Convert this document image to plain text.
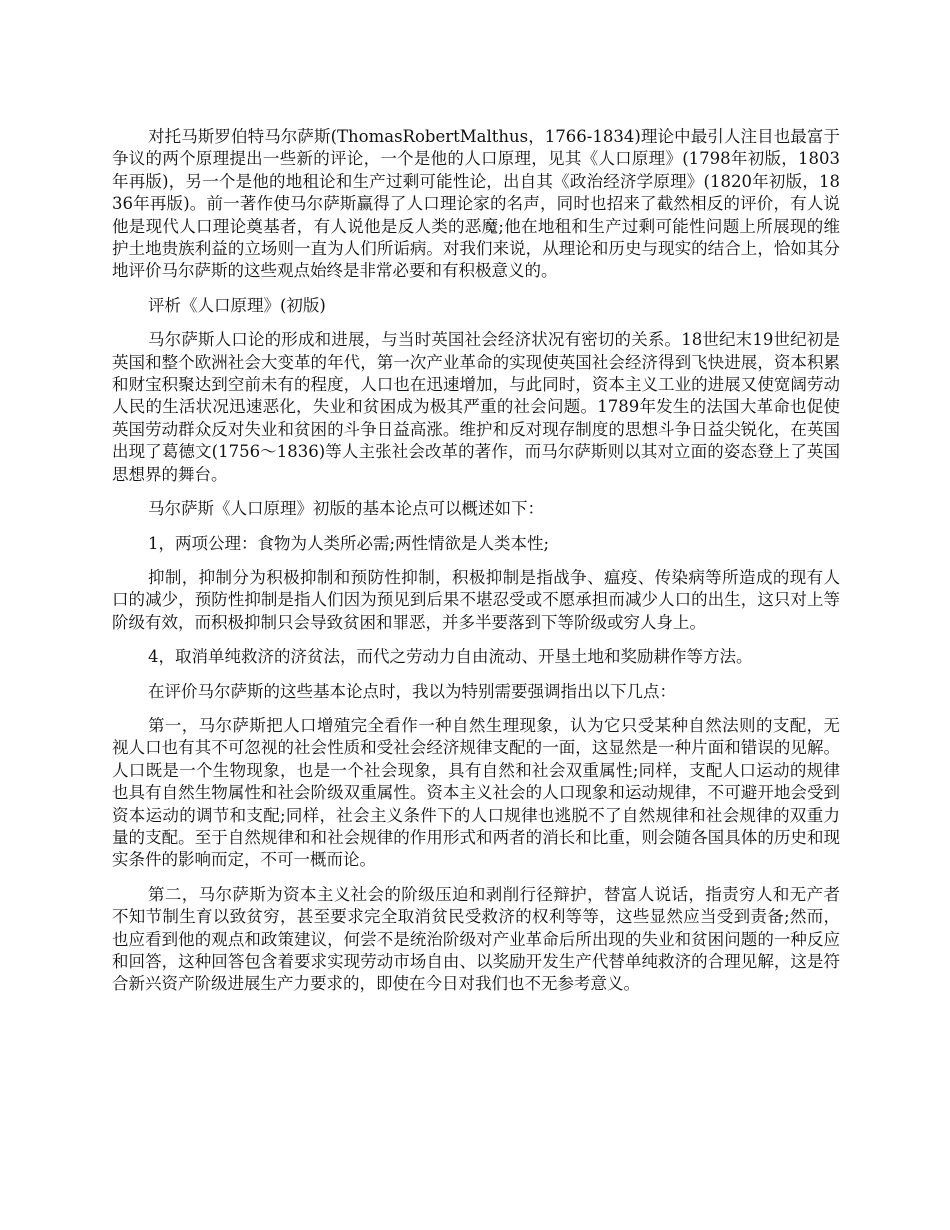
对托马斯罗伯特马尔萨斯(ThomasRobertMalthus，1766-1834)理论中最引人注目也最富于争议的两个原理提出一些新的评论，一个是他的人口原理，见其《人口原理》(1798年初版，1803年再版)，另一个是他的地租论和生产过剩可能性论，出自其《政治经济学原理》(1820年初版，1836年再版)。前一著作使马尔萨斯赢得了人口理论家的名声，同时也招来了截然相反的评价，有人说他是现代人口理论奠基者，有人说他是反人类的恶魔;他在地租和生产过剩可能性问题上所展现的维护土地贵族利益的立场则一直为人们所诟病。对我们来说，从理论和历史与现实的结合上，恰如其分地评价马尔萨斯的这些观点始终是非常必要和有积极意义的。

评析《人口原理》(初版)

马尔萨斯人口论的形成和进展，与当时英国社会经济状况有密切的关系。18世纪末19世纪初是英国和整个欧洲社会大变革的年代，第一次产业革命的实现使英国社会经济得到飞快进展，资本积累和财宝积聚达到空前未有的程度，人口也在迅速增加，与此同时，资本主义工业的进展又使宽阔劳动人民的生活状况迅速恶化，失业和贫困成为极其严重的社会问题。1789年发生的法国大革命也促使英国劳动群众反对失业和贫困的斗争日益高涨。维护和反对现存制度的思想斗争日益尖锐化，在英国出现了葛德文(1756～1836)等人主张社会改革的著作，而马尔萨斯则以其对立面的姿态登上了英国思想界的舞台。

马尔萨斯《人口原理》初版的基本论点可以概述如下：

1，两项公理：食物为人类所必需;两性情欲是人类本性;

抑制，抑制分为积极抑制和预防性抑制，积极抑制是指战争、瘟疫、传染病等所造成的现有人口的减少，预防性抑制是指人们因为预见到后果不堪忍受或不愿承担而减少人口的出生，这只对上等阶级有效，而积极抑制只会导致贫困和罪恶，并多半要落到下等阶级或穷人身上。

4，取消单纯救济的济贫法，而代之劳动力自由流动、开垦土地和奖励耕作等方法。

在评价马尔萨斯的这些基本论点时，我以为特别需要强调指出以下几点：

第一，马尔萨斯把人口增殖完全看作一种自然生理现象，认为它只受某种自然法则的支配，无视人口也有其不可忽视的社会性质和受社会经济规律支配的一面，这显然是一种片面和错误的见解。人口既是一个生物现象，也是一个社会现象，具有自然和社会双重属性;同样，支配人口运动的规律也具有自然生物属性和社会阶级双重属性。资本主义社会的人口现象和运动规律，不可避开地会受到资本运动的调节和支配;同样，社会主义条件下的人口规律也逃脱不了自然规律和社会规律的双重力量的支配。至于自然规律和和社会规律的作用形式和两者的消长和比重，则会随各国具体的历史和现实条件的影响而定，不可一概而论。

第二，马尔萨斯为资本主义社会的阶级压迫和剥削行径辩护，替富人说话，指责穷人和无产者不知节制生育以致贫穷，甚至要求完全取消贫民受救济的权利等等，这些显然应当受到责备;然而，也应看到他的观点和政策建议，何尝不是统治阶级对产业革命后所出现的失业和贫困问题的一种反应和回答，这种回答包含着要求实现劳动市场自由、以奖励开发生产代替单纯救济的合理见解，这是符合新兴资产阶级进展生产力要求的，即使在今日对我们也不无参考意义。
